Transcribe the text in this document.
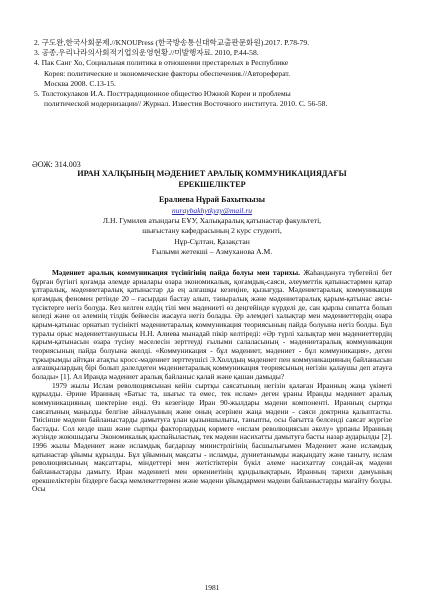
2. 구도완,한국사회문제.//KNOUPress (한국방송통신대학교출판문화원).2017. P.78-79.
3. 공종,우리나라의사회적기업의운영현황.//미발행자료. 2010, P.44-58.
4. Пак Санг Хо, Социальная политика в отношении престарелых в Республике
Корея: политические и экономические факторы обеспечения.//Автореферат.
Москва 2008. С.13-15.
5. Толстокулаков И.А. Посттрадиционное общество Южной Кореи и проблемы
политической модернизации// Журнал. Известия Восточного института. 2010. С. 56-58.
ӘОЖ: 314.003
ИРАН ХАЛҚЫНЫҢ МӘДЕНИЕТ АРАЛЫҚ КОММУНИКАЦИЯДАҒЫ
ЕРЕКШЕЛІКТЕР
Ералиева Нұрай Бахыткызы
nuraybakhytkyzy@mail.ru
Л.Н. Гумилев атындағы ЕҰУ, Халықаралық қатынастар факультеті,
шығыстану кафедрасының 2 курс студенті,
Нұр-Сұлтан, Қазақстан
Ғылыми жетекші – Азмуханова А.М.

Мәдениет аралық коммуникация түсінігінің пайда болуы мен тарихы. Жаһандануға түбегейлі бет бұрған бүгінгі қоғамда әлемде арналары өзара экономикалық, қоғамдық-саяси, әлеуметтік қатынастармен қатар ұлтаралық, мәдениетаралық қатынастар да ең алғашқы кезеңіне, қызығуда. Мәдениетаралық коммуникация қоғамдық феномен ретінде 20 – ғасырдан бастау алып, таныралық және мәдениетаралық қарым-қатынас аясы-түсіктерге негіз болуда. Кез келген елдің тілі мен мәдениеті өз деңгейінде күрделі де, сан қырлы сипатта болып келеді және ол әлемнің тілдік бейнесін жасауға негіз болады. Әр әлемдегі халықтар мен мәдениеттердің өзара қарым-қатынас орнатып түсінікті мәдениетаралық коммуникация теориясының пайда болуына негіз болды. Бұл туралы орыс мәдениеттанушысы Н.Н. Алиева мынадай пікір келтіреді: «Әр түрлі халықтар мен мәдениеттердің қарым-қатынасын өзара түсіну мәселесін зерттеуді ғылыми салаласының - мәдениетаралық коммуникация теориясының пайда болуына әкелді. «Коммуникация - бұл мәдениет, мәдениет - бұл коммуникация», деген тұжырымды айтқан атақты кросс-мәдениет зерттеушісі Э.Холлдың мәдениет пен коммуникацияның байланысын алғашқылардың бірі болып дәлелдеген мәдениетаралық коммуникация теориясының негізін қалаушы деп атауға болады» [1]. Ал Иранда мәдениет аралық байланыс қалай және қашан дамыды?

1979 жылы Ислам революциясынан кейін сыртқы саясатының негізін қалаған Иранның жаңа үкіметі құрылды. Әрине Иранның «Батыс та, шығыс та емес, тек ислам» деген ұраны Иранды мәдениет аралық коммуникацияның шектеріне енді. Өз кезегінде Иран 90-жылдары мәдени компоненті. Иранның сыртқы саясатының маңызды белгіне айналуының және оның әсерінен жаңа мәдени - саяси доктрина қалыптасты. Тиісінше мәдени байланыстарды дамытуға ұлан қызыншылығы, таныпты, осы бағытта белсенді саясат жүргізе бастады. Сол кезде шаш және сыртқы факторлардың көрмеге «ислам революциясын әкелу» ұрпаны Иранның жүзінде жоюшыдағы Экономикалық қыспайыластық, тек мәдени насихатты дамытуға басты назар аударылды [2]. 1996 жылы Мәдениет және исламдық бағдарлау министрлігінің басшылығымен Мәдениет және исламдық қатынастар ұйымы құрылды. Бұл ұйымның мақсаты - исламды, дүниетанымды жақындату және таныту, ислам революциясының мақсаттары, міндеттері мен жетістіктерін бүкіл әлеме насихаттау сондай-ақ мәдени байланыстарды дамыту. Иран мәдениеті мен өркениетінің құндылықтарын, Иранның тарихи дамуының ерекшеліктерін біздерге басқа мемлекеттермен және мәдени ұйымдармен мәдени байланыстарды мағайту болды. Осы

1981
